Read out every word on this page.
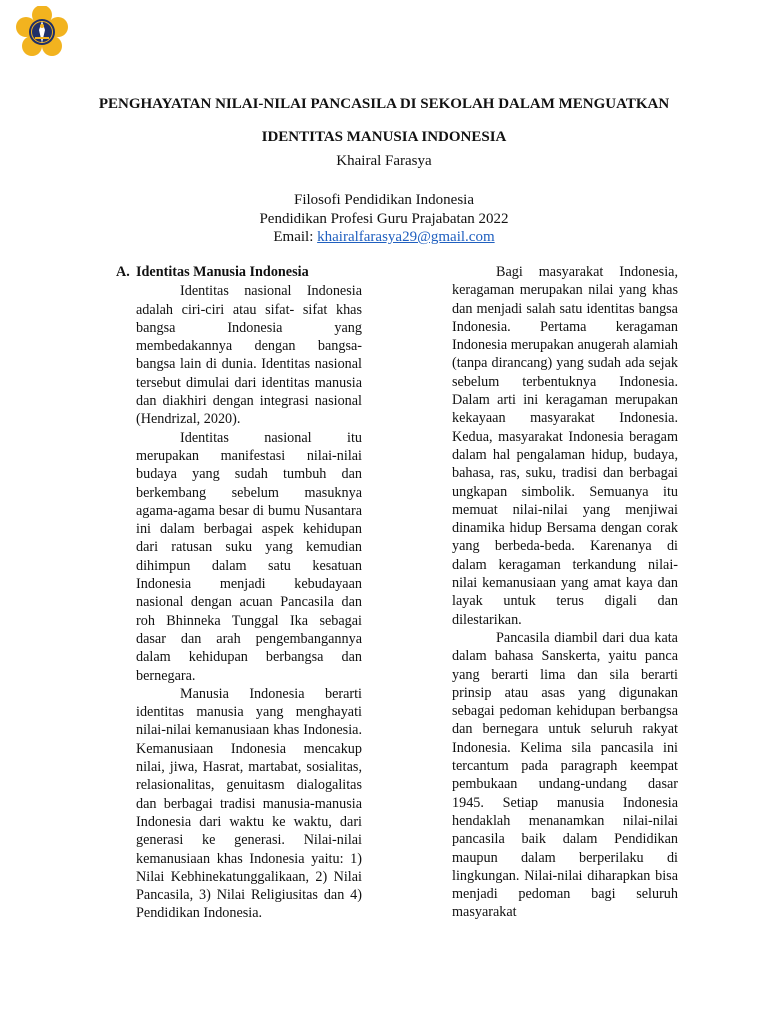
PENGHAYATAN NILAI-NILAI PANCASILA DI SEKOLAH DALAM MENGUATKAN
IDENTITAS MANUSIA INDONESIA
Khairal Farasya
Filosofi Pendidikan Indonesia
Pendidikan Profesi Guru Prajabatan 2022
Email: khairalfarasya29@gmail.com
A. Identitas Manusia Indonesia

Identitas nasional Indonesia adalah ciri-ciri atau sifat- sifat khas bangsa Indonesia yang membedakannya dengan bangsa-bangsa lain di dunia. Identitas nasional tersebut dimulai dari identitas manusia dan diakhiri dengan integrasi nasional (Hendrizal, 2020).

Identitas nasional itu merupakan manifestasi nilai-nilai budaya yang sudah tumbuh dan berkembang sebelum masuknya agama-agama besar di bumu Nusantara ini dalam berbagai aspek kehidupan dari ratusan suku yang kemudian dihimpun dalam satu kesatuan Indonesia menjadi kebudayaan nasional dengan acuan Pancasila dan roh Bhinneka Tunggal Ika sebagai dasar dan arah pengembangannya dalam kehidupan berbangsa dan bernegara.

Manusia Indonesia berarti identitas manusia yang menghayati nilai-nilai kemanusiaan khas Indonesia. Kemanusiaan Indonesia mencakup nilai, jiwa, Hasrat, martabat, sosialitas, relasionalitas, genuitasm dialogalitas dan berbagai tradisi manusia-manusia Indonesia dari waktu ke waktu, dari generasi ke generasi. Nilai-nilai kemanusiaan khas Indonesia yaitu: 1) Nilai Kebhinekatunggalikaan, 2) Nilai Pancasila, 3) Nilai Religiusitas dan 4) Pendidikan Indonesia.

Bagi masyarakat Indonesia, keragaman merupakan nilai yang khas dan menjadi salah satu identitas bangsa Indonesia. Pertama keragaman Indonesia merupakan anugerah alamiah (tanpa dirancang) yang sudah ada sejak sebelum terbentuknya Indonesia. Dalam arti ini keragaman merupakan kekayaan masyarakat Indonesia. Kedua, masyarakat Indonesia beragam dalam hal pengalaman hidup, budaya, bahasa, ras, suku, tradisi dan berbagai ungkapan simbolik. Semuanya itu memuat nilai-nilai yang menjiwai dinamika hidup Bersama dengan corak yang berbeda-beda. Karenanya di dalam keragaman terkandung nilai-nilai kemanusiaan yang amat kaya dan layak untuk terus digali dan dilestarikan.

Pancasila diambil dari dua kata dalam bahasa Sanskerta, yaitu panca yang berarti lima dan sila berarti prinsip atau asas yang digunakan sebagai pedoman kehidupan berbangsa dan bernegara untuk seluruh rakyat Indonesia. Kelima sila pancasila ini tercantum pada paragraph keempat pembukaan undang-undang dasar 1945. Setiap manusia Indonesia hendaklah menanamkan nilai-nilai pancasila baik dalam Pendidikan maupun dalam berperilaku di lingkungan. Nilai-nilai diharapkan bisa menjadi pedoman bagi seluruh masyarakat
